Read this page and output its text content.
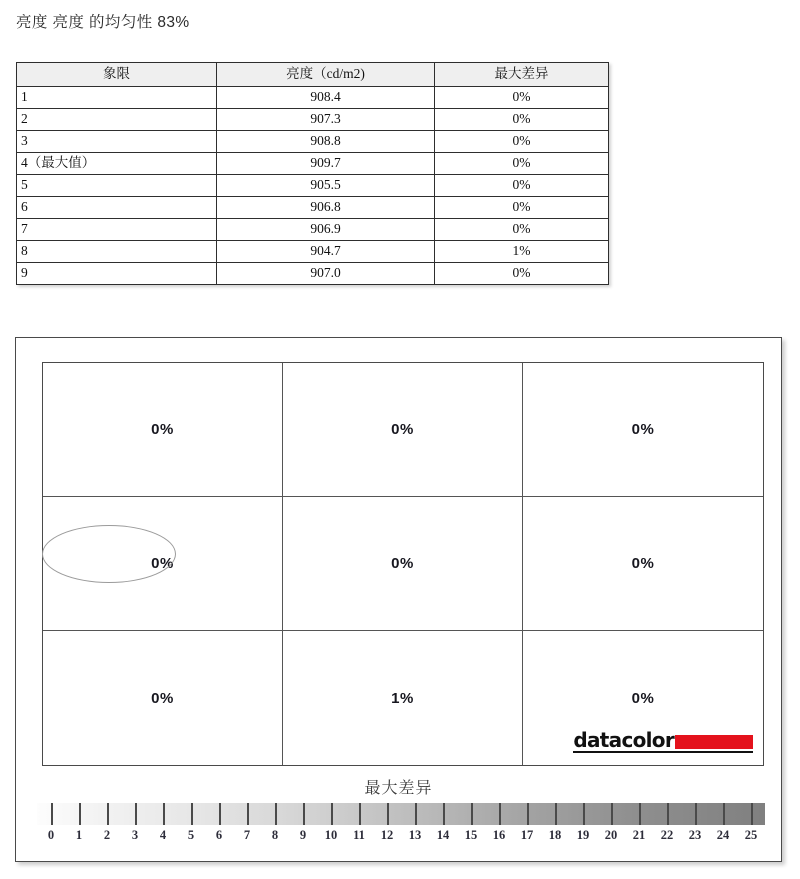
亮度 亮度 的均匀性 83%
象限	亮度（cd/m2)	最大差异
1	908.4	0%
2	907.3	0%
3	908.8	0%
4（最大值）	909.7	0%
5	905.5	0%
6	906.8	0%
7	906.9	0%
8	904.7	1%
9	907.0	0%
0%	0%	0%
0%	0%	0%
0%	1%	0%
datacolor
最大差异
0 1 2 3 4 5 6 7 8 9 10 11 12 13 14 15 16 17 18 19 20 21 22 23 24 25
